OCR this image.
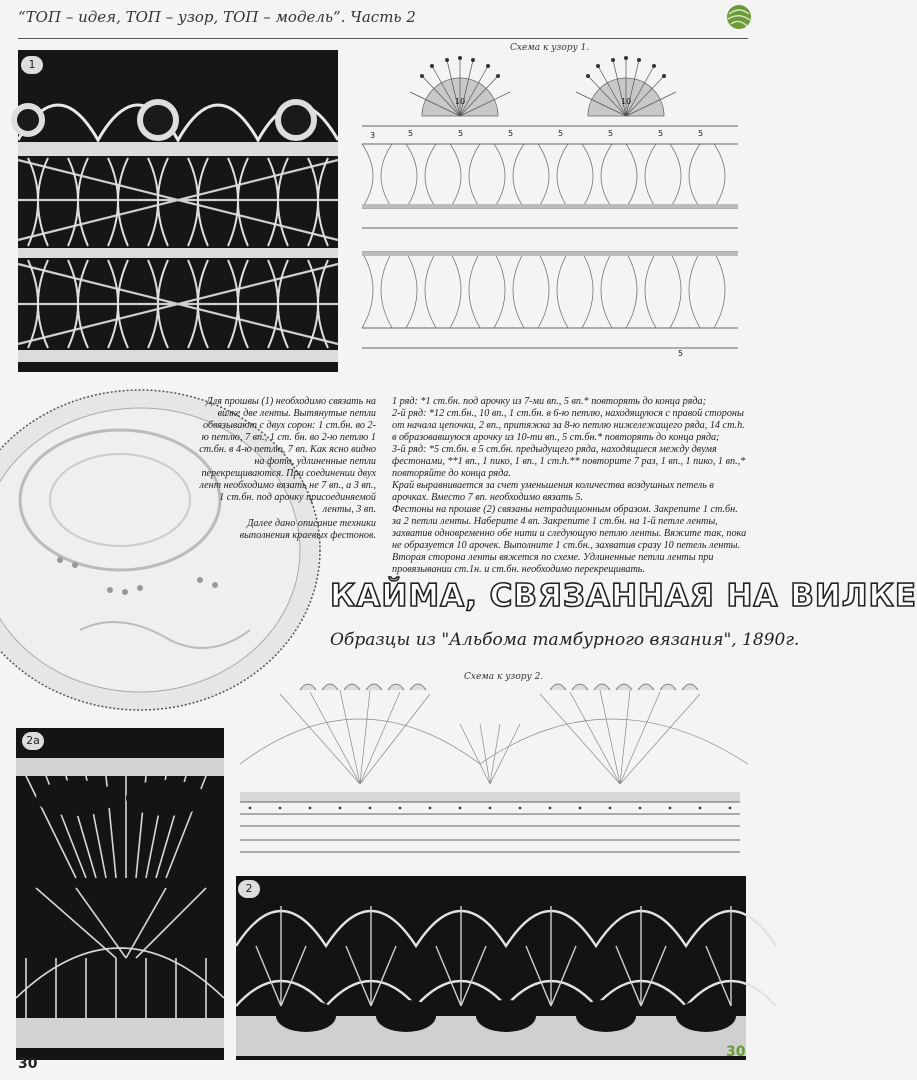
“ТОП – идея, ТОП – узор, ТОП – модель”. Часть 2
1
Схема к узору 1.
10	10
3	5	5	5	5	5	5	5
5

Для прошвы (1) необходимо связать на вилке две ленты. Вытянутые петли обвязывают с двух сорон: 1 ст.бн. во 2-ю петлю, 7 вп., 1 ст. бн. во 2-ю петлю 1 ст.бн. в 4-ю петлю, 7 вп. Как ясно видно на фото, удлиненные петли перекрещиваются. При соединении двух лент необходимо вязать не 7 вп., а 3 вп., 1 ст.бн. под арочку присоединяемой ленты, 3 вп.

Далее дано описание техники выполнения краевых фестонов.

1 ряд: *1 ст.бн. под арочку из 7-ми вп., 5 вп.* повторять до конца ряда;

2-й ряд: *12 ст.бн., 10 вп., 1 ст.бн. в 6-ю петлю, находящуюся с правой стороны от начала цепочки, 2 вп., притяжка за 8-ю петлю нижележащего ряда, 14 ст.h. в образовавшуюся арочку из 10-ти вп., 5 ст.бн.* повторять до конца ряда;

3-й ряд: *5 ст.бн. в 5 ст.бн. предыдущего ряда, находящиеся между двумя фестонами, **1 вп., 1 пико, 1 вп., 1 ст.h.** повторите 7 раз, 1 вп., 1 пико, 1 вп.,* повторяйте до конца ряда.

Край выравнивается за счет уменьшения количества воздушных петель в арочках. Вместо 7 вп. необходимо вязать 5.

Фестоны на прошве (2) связаны нетрадиционным образом. Закрепите 1 ст.бн. за 2 петли ленты. Наберите 4 вп. Закрепите 1 ст.бн. на 1-й петле ленты, захватив одновременно обе нити и следующую петлю ленты. Вяжите так, пока не образуется 10 арочек. Выполните 1 ст.бн., захватив сразу 10 петель ленты.

Вторая сторона ленты вяжется по схеме. Удлиненные петли ленты при провязывании ст.1н. и ст.бн. необходимо перекрещивать.

КАЙМА, СВЯЗАННАЯ НА ВИЛКЕ
Образцы из "Альбома тамбурного вязания", 1890г.
Схема к узору 2.
2а
2
30
30
